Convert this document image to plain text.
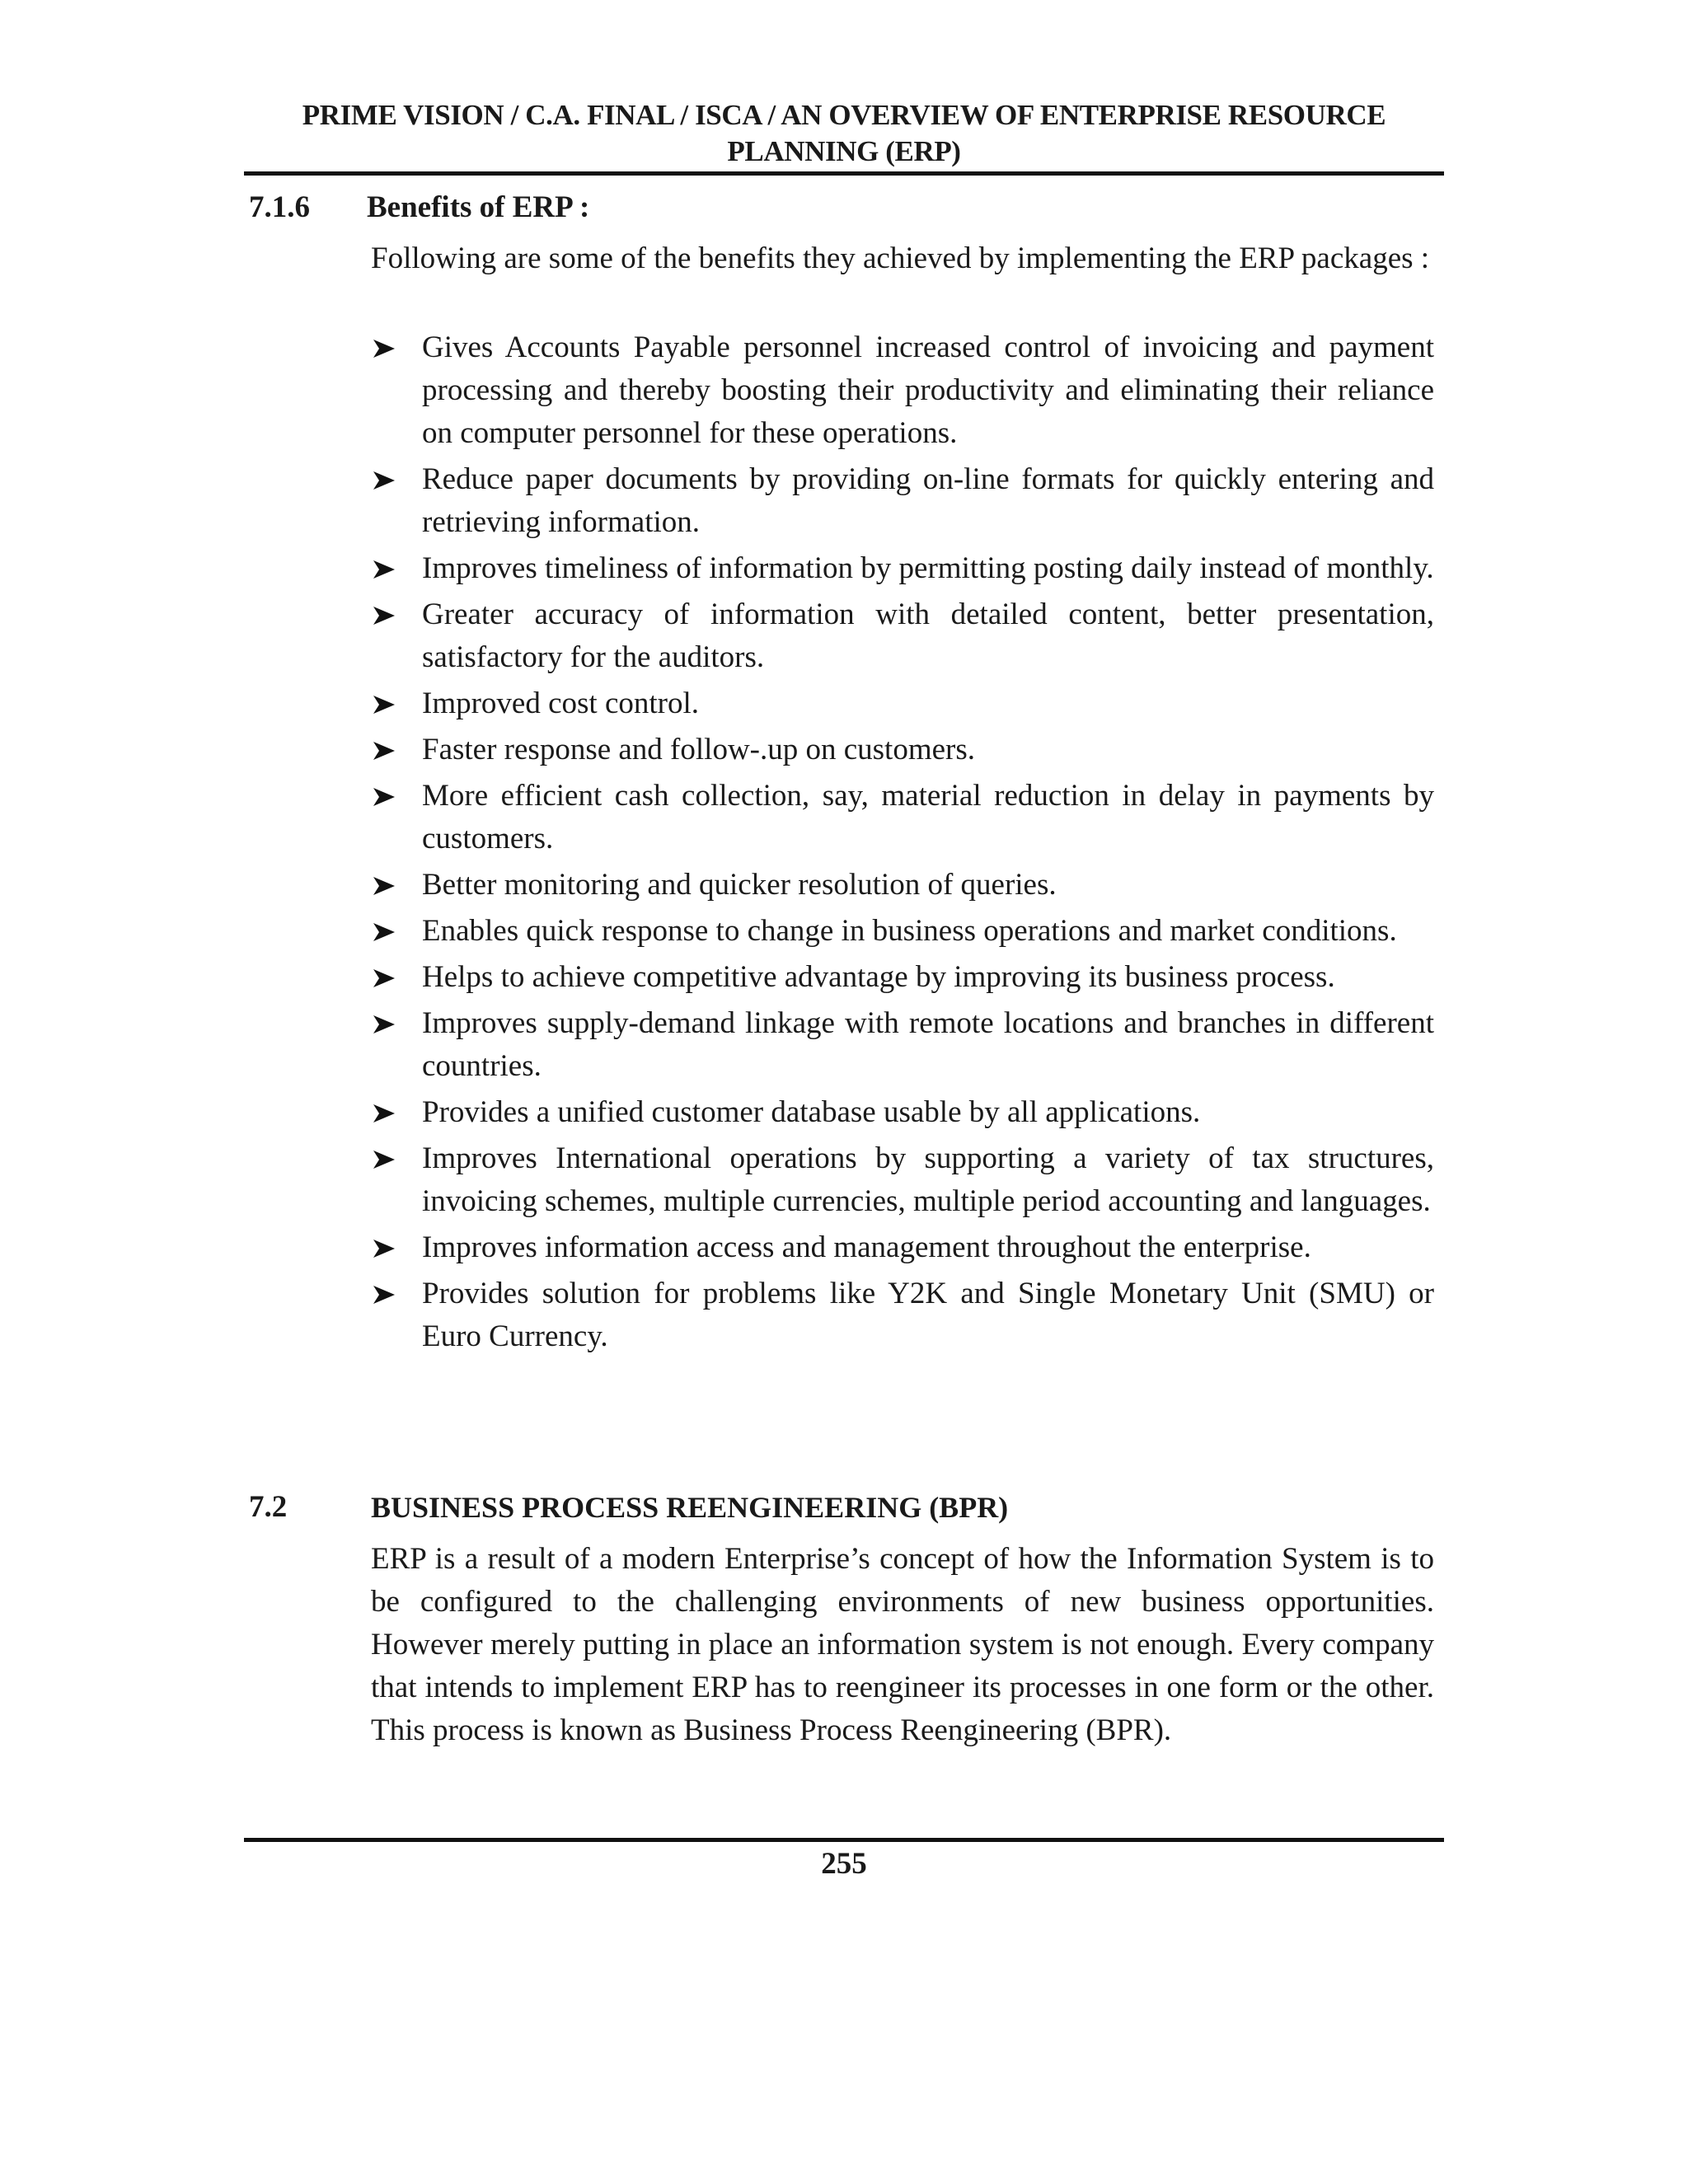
PRIME VISION / C.A. FINAL / ISCA / AN OVERVIEW OF ENTERPRISE RESOURCE PLANNING (ERP)
7.1.6 Benefits of ERP :
Following are some of the benefits they achieved by implementing the ERP packages :
Gives Accounts Payable personnel increased control of invoicing and payment processing and thereby boosting their productivity and eliminating their reliance on computer personnel for these operations.
Reduce paper documents by providing on-line formats for quickly entering and retrieving information.
Improves timeliness of information by permitting posting daily instead of monthly.
Greater accuracy of information with detailed content, better presentation, satisfactory for the auditors.
Improved cost control.
Faster response and follow-.up on customers.
More efficient cash collection, say, material reduction in delay in payments by customers.
Better monitoring and quicker resolution of queries.
Enables quick response to change in business operations and market conditions.
Helps to achieve competitive advantage by improving its business process.
Improves supply-demand linkage with remote locations and branches in different countries.
Provides a unified customer database usable by all applications.
Improves International operations by supporting a variety of tax structures, invoicing schemes, multiple currencies, multiple period accounting and languages.
Improves information access and management throughout the enterprise.
Provides solution for problems like Y2K and Single Monetary Unit (SMU) or Euro Currency.
7.2	BUSINESS PROCESS REENGINEERING (BPR)
ERP is a result of a modern Enterprise’s concept of how the Information System is to be configured to the challenging environments of new business opportunities. However merely putting in place an information system is not enough. Every company that intends to implement ERP has to reengineer its processes in one form or the other. This process is known as Business Process Reengineering (BPR).
255
